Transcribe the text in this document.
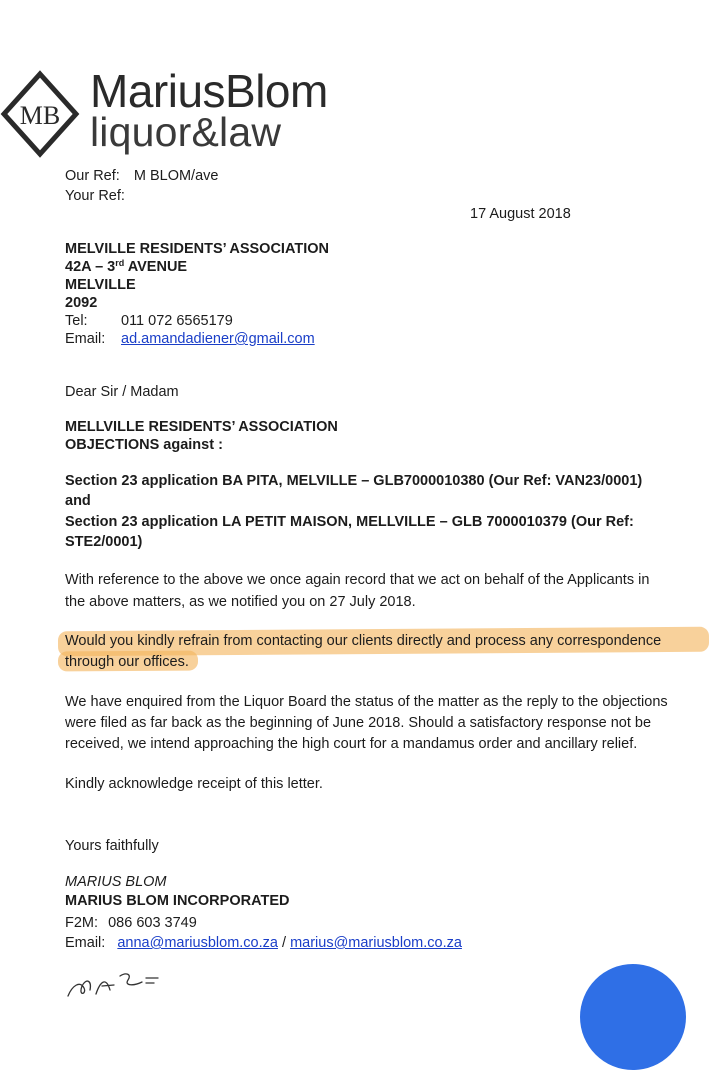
MB MariusBlom
liquor&law
Our Ref: M BLOM/ave
Your Ref:
17 August 2018
MELVILLE RESIDENTS’ ASSOCIATION
42A – 3rd AVENUE
MELVILLE
2092
Tel: 011 072 6565179
Email: ad.amandadiener@gmail.com
Dear Sir / Madam
MELLVILLE RESIDENTS’ ASSOCIATION
OBJECTIONS against :
Section 23 application BA PITA, MELVILLE – GLB7000010380 (Our Ref: VAN23/0001)
and
Section 23 application LA PETIT MAISON, MELLVILLE – GLB 7000010379 (Our Ref:
STE2/0001)
With reference to the above we once again record that we act on behalf of the Applicants in
the above matters, as we notified you on 27 July 2018.
Would you kindly refrain from contacting our clients directly and process any correspondence
through our offices.
We have enquired from the Liquor Board the status of the matter as the reply to the objections
were filed as far back as the beginning of June 2018. Should a satisfactory response not be
received, we intend approaching the high court for a mandamus order and ancillary relief.
Kindly acknowledge receipt of this letter.
Yours faithfully
MARIUS BLOM
MARIUS BLOM INCORPORATED
F2M: 086 603 3749
Email: anna@mariusblom.co.za / marius@mariusblom.co.za
